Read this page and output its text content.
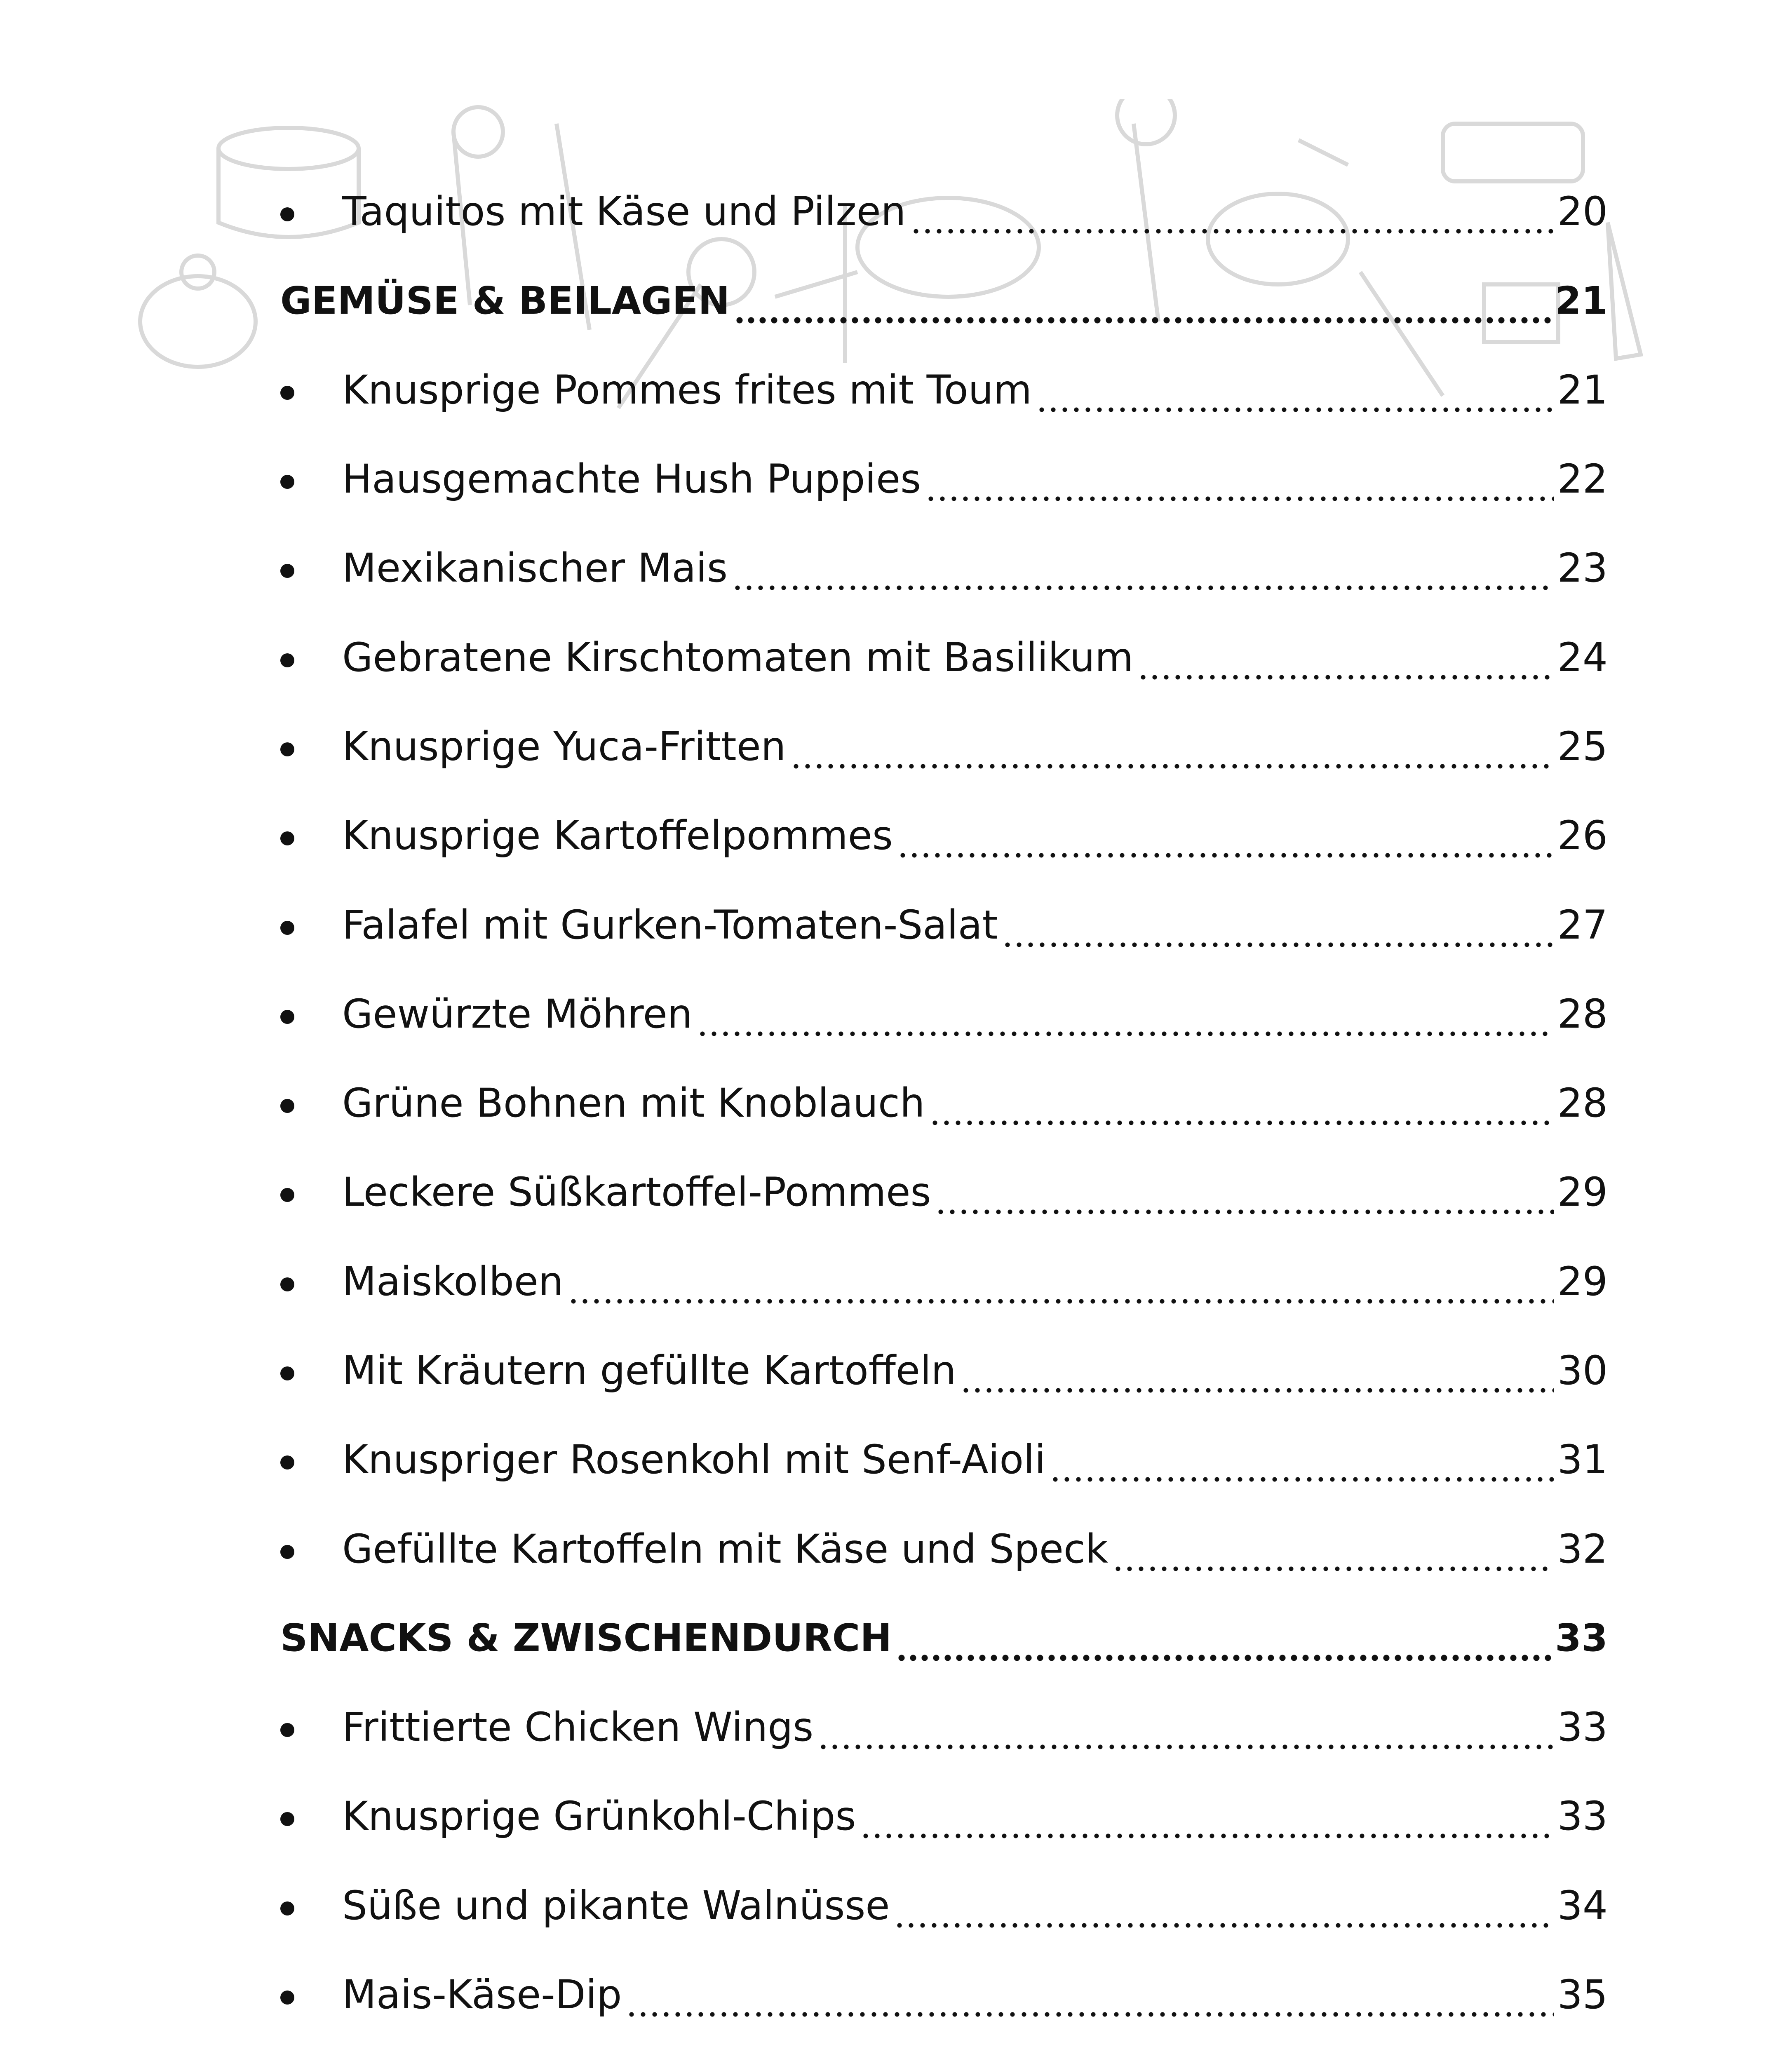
Taquitos mit Käse und Pilzen	20
GEMÜSE & BEILAGEN	21
Knusprige Pommes frites mit Toum	21
Hausgemachte Hush Puppies	22
Mexikanischer Mais	23
Gebratene Kirschtomaten mit Basilikum	24
Knusprige Yuca-Fritten	25
Knusprige Kartoffelpommes	26
Falafel mit Gurken-Tomaten-Salat	27
Gewürzte Möhren	28
Grüne Bohnen mit Knoblauch	28
Leckere Süßkartoffel-Pommes	29
Maiskolben	29
Mit Kräutern gefüllte Kartoffeln	30
Knuspriger Rosenkohl mit Senf-Aioli	31
Gefüllte Kartoffeln mit Käse und Speck	32
SNACKS & ZWISCHENDURCH	33
Frittierte Chicken Wings	33
Knusprige Grünkohl-Chips	33
Süße und pikante Walnüsse	34
Mais-Käse-Dip	35
